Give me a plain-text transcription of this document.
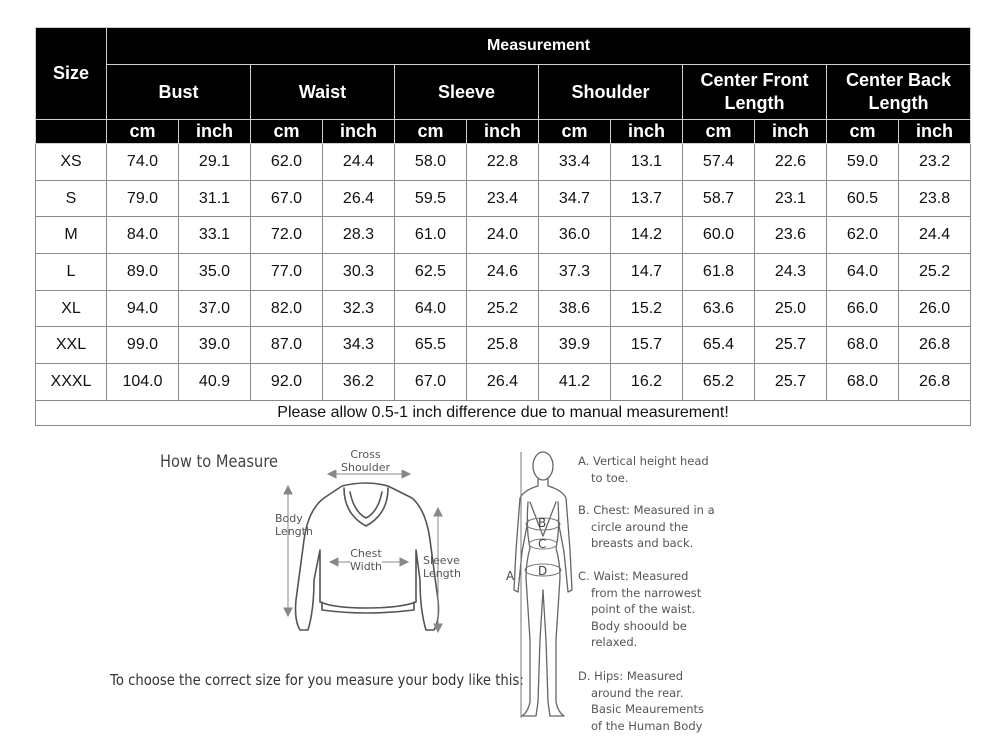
Size	Measurement											
	Bust		Waist		Sleeve		Shoulder		Center Front Length		Center Back Length	
	cm	inch	cm	inch	cm	inch	cm	inch	cm	inch	cm	inch
XS	74.0	29.1	62.0	24.4	58.0	22.8	33.4	13.1	57.4	22.6	59.0	23.2
S	79.0	31.1	67.0	26.4	59.5	23.4	34.7	13.7	58.7	23.1	60.5	23.8
M	84.0	33.1	72.0	28.3	61.0	24.0	36.0	14.2	60.0	23.6	62.0	24.4
L	89.0	35.0	77.0	30.3	62.5	24.6	37.3	14.7	61.8	24.3	64.0	25.2
XL	94.0	37.0	82.0	32.3	64.0	25.2	38.6	15.2	63.6	25.0	66.0	26.0
XXL	99.0	39.0	87.0	34.3	65.5	25.8	39.9	15.7	65.4	25.7	68.0	26.8
XXXL	104.0	40.9	92.0	36.2	67.0	26.4	41.2	16.2	65.2	25.7	68.0	26.8
Please allow 0.5-1 inch difference due to manual measurement!												
How to Measure	Cross
Shoulder
Body
Length
Chest
Width	Sleeve
Length
To choose the correct size for you measure your body like this:
B
C
D
A
A. Vertical height head
to toe.
B. Chest: Measured in a
circle around the
breasts and back.
C. Waist: Measured
from the narrowest
point of the waist.
Body shoould be
relaxed.
D. Hips: Measured
around the rear.
Basic Meaurements
of the Human Body
